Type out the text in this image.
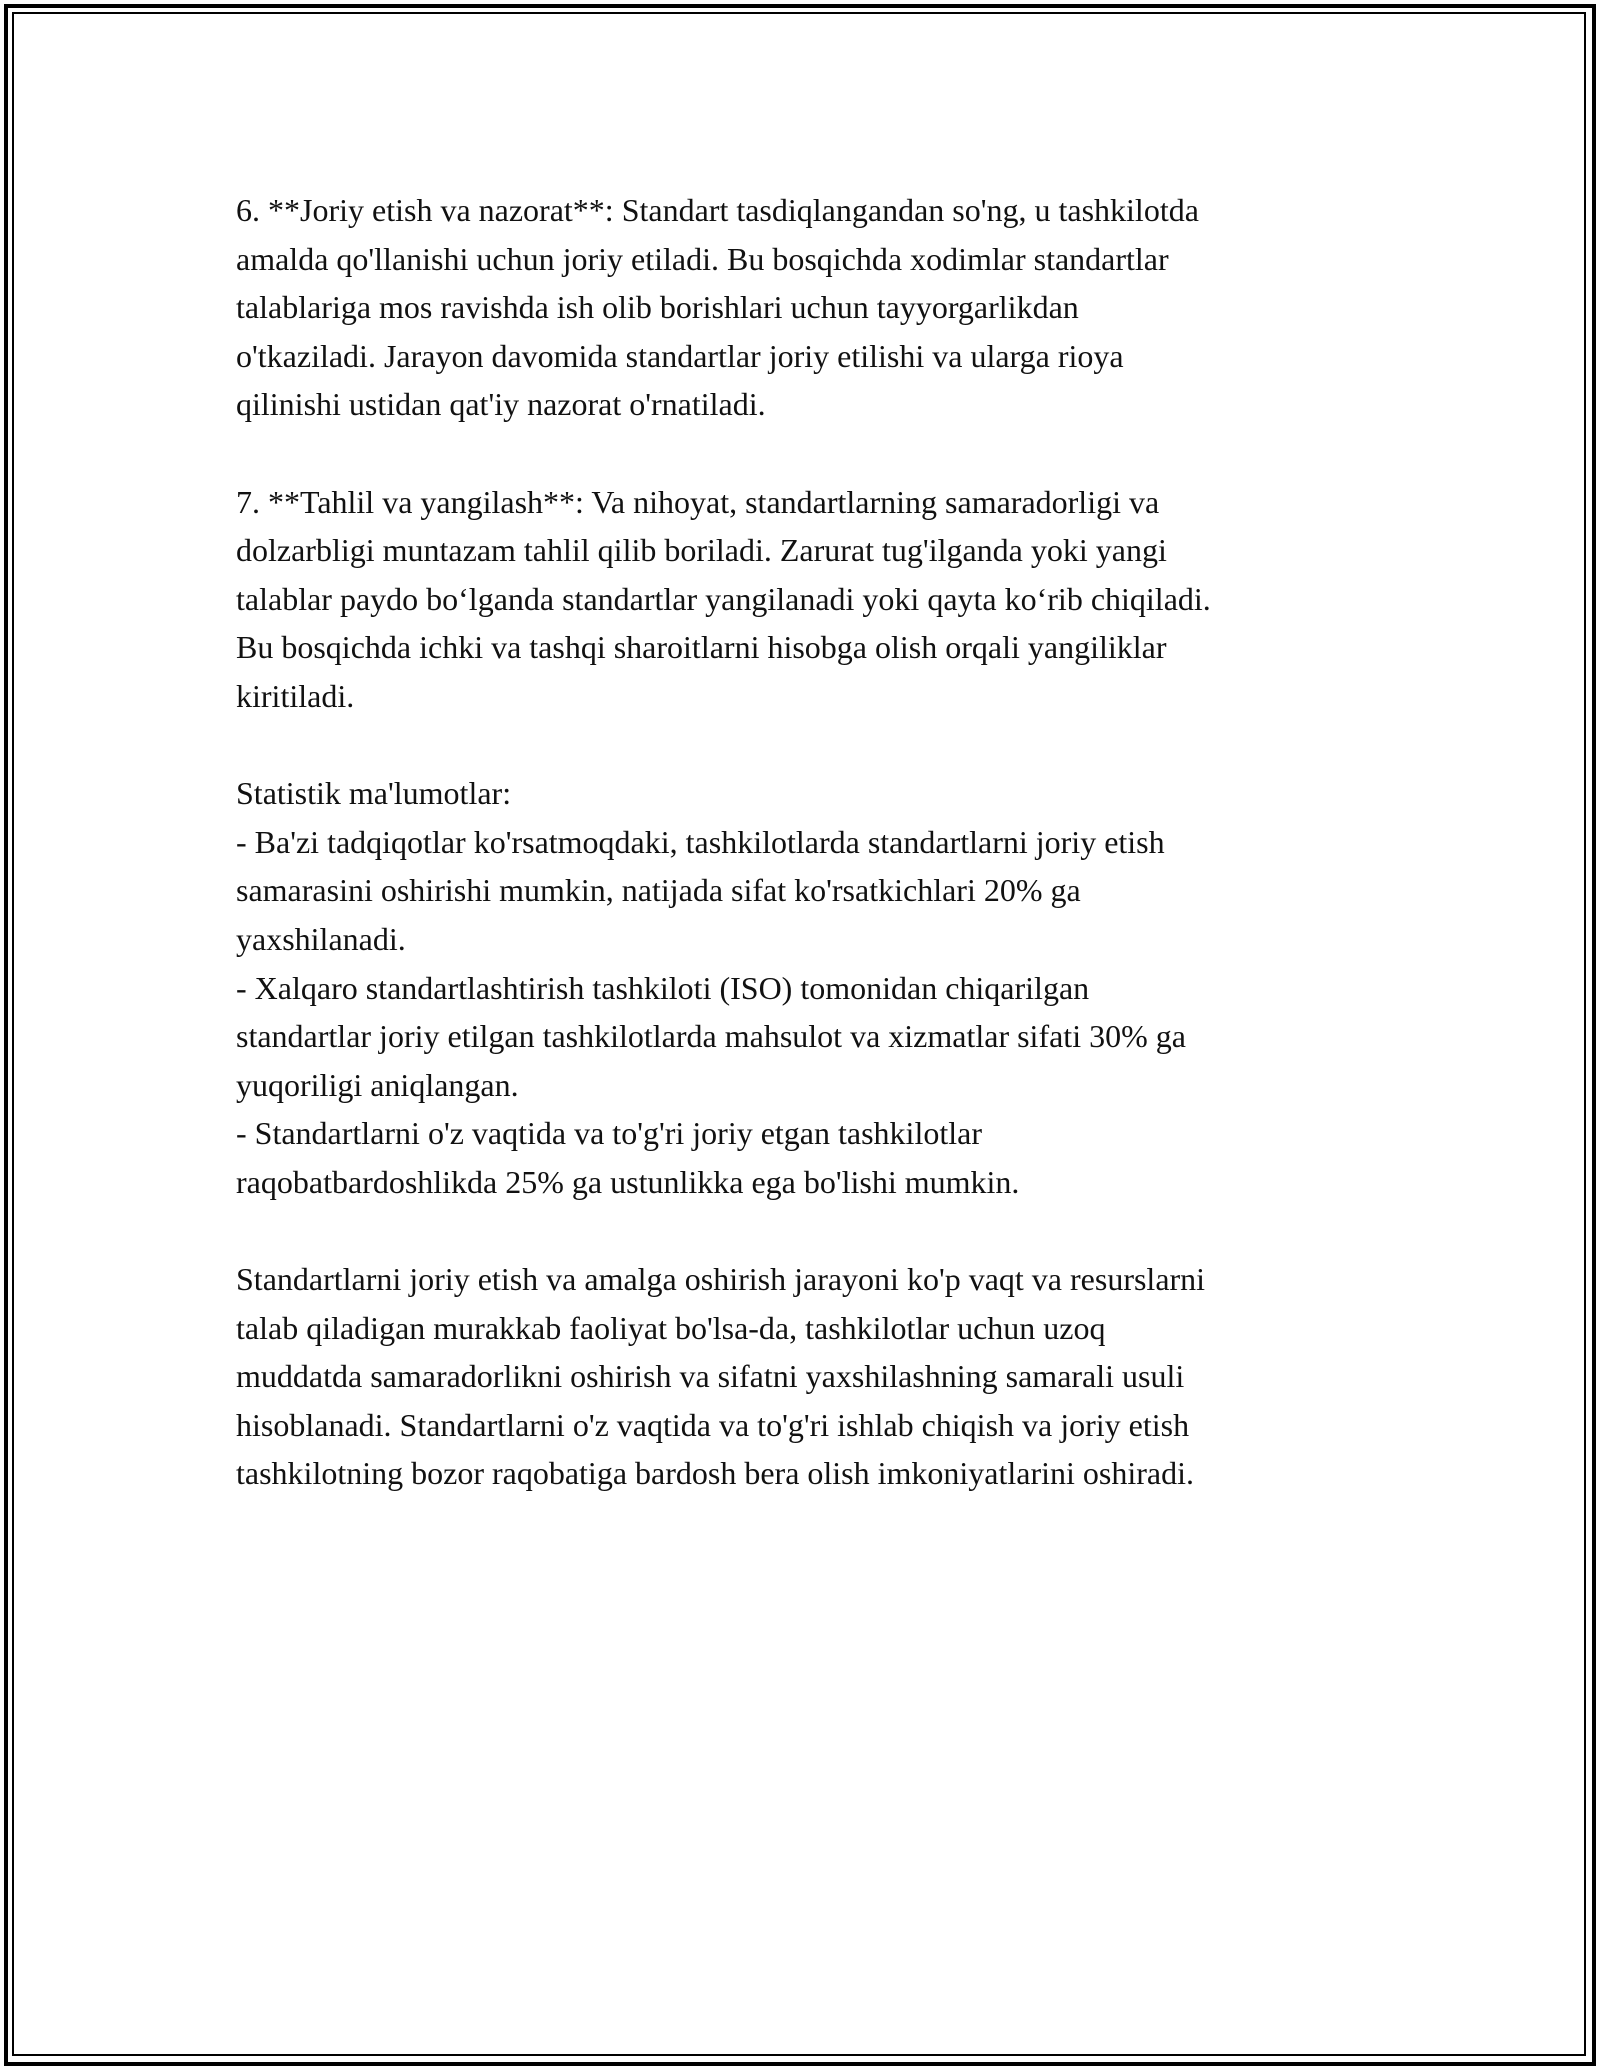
6. **Joriy etish va nazorat**: Standart tasdiqlangandan so'ng, u tashkilotda
amalda qo'llanishi uchun joriy etiladi. Bu bosqichda xodimlar standartlar
talablariga mos ravishda ish olib borishlari uchun tayyorgarlikdan
o'tkaziladi. Jarayon davomida standartlar joriy etilishi va ularga rioya
qilinishi ustidan qat'iy nazorat o'rnatiladi.

7. **Tahlil va yangilash**: Va nihoyat, standartlarning samaradorligi va
dolzarbligi muntazam tahlil qilib boriladi. Zarurat tug'ilganda yoki yangi
talablar paydo bo‘lganda standartlar yangilanadi yoki qayta ko‘rib chiqiladi.
Bu bosqichda ichki va tashqi sharoitlarni hisobga olish orqali yangiliklar
kiritiladi.

Statistik ma'lumotlar:

- Ba'zi tadqiqotlar ko'rsatmoqdaki, tashkilotlarda standartlarni joriy etish
samarasini oshirishi mumkin, natijada sifat ko'rsatkichlari 20% ga
yaxshilanadi.

- Xalqaro standartlashtirish tashkiloti (ISO) tomonidan chiqarilgan
standartlar joriy etilgan tashkilotlarda mahsulot va xizmatlar sifati 30% ga
yuqoriligi aniqlangan.

- Standartlarni o'z vaqtida va to'g'ri joriy etgan tashkilotlar
raqobatbardoshlikda 25% ga ustunlikka ega bo'lishi mumkin.

Standartlarni joriy etish va amalga oshirish jarayoni ko'p vaqt va resurslarni
talab qiladigan murakkab faoliyat bo'lsa-da, tashkilotlar uchun uzoq
muddatda samaradorlikni oshirish va sifatni yaxshilashning samarali usuli
hisoblanadi. Standartlarni o'z vaqtida va to'g'ri ishlab chiqish va joriy etish
tashkilotning bozor raqobatiga bardosh bera olish imkoniyatlarini oshiradi.
